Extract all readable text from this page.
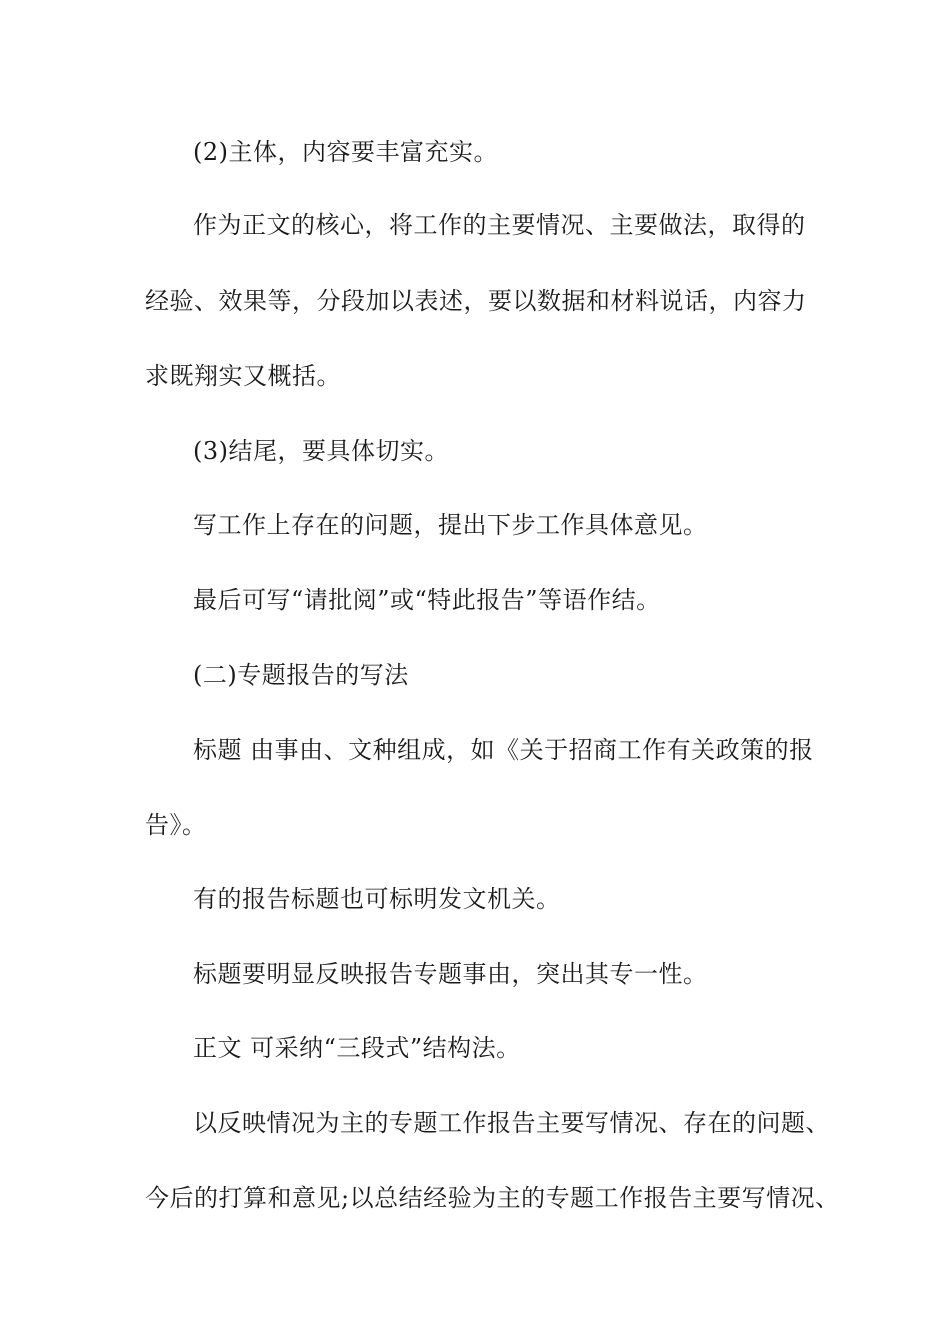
(2)主体，内容要丰富充实。
作为正文的核心，将工作的主要情况、主要做法，取得的
经验、效果等，分段加以表述，要以数据和材料说话，内容力
求既翔实又概括。
(3)结尾，要具体切实。
写工作上存在的问题，提出下步工作具体意见。
最后可写“请批阅”或“特此报告”等语作结。
(二)专题报告的写法
标题 由事由、文种组成，如《关于招商工作有关政策的报
告》。
有的报告标题也可标明发文机关。
标题要明显反映报告专题事由，突出其专一性。
正文 可采纳“三段式”结构法。
以反映情况为主的专题工作报告主要写情况、存在的问题、
今后的打算和意见;以总结经验为主的专题工作报告主要写情况、
